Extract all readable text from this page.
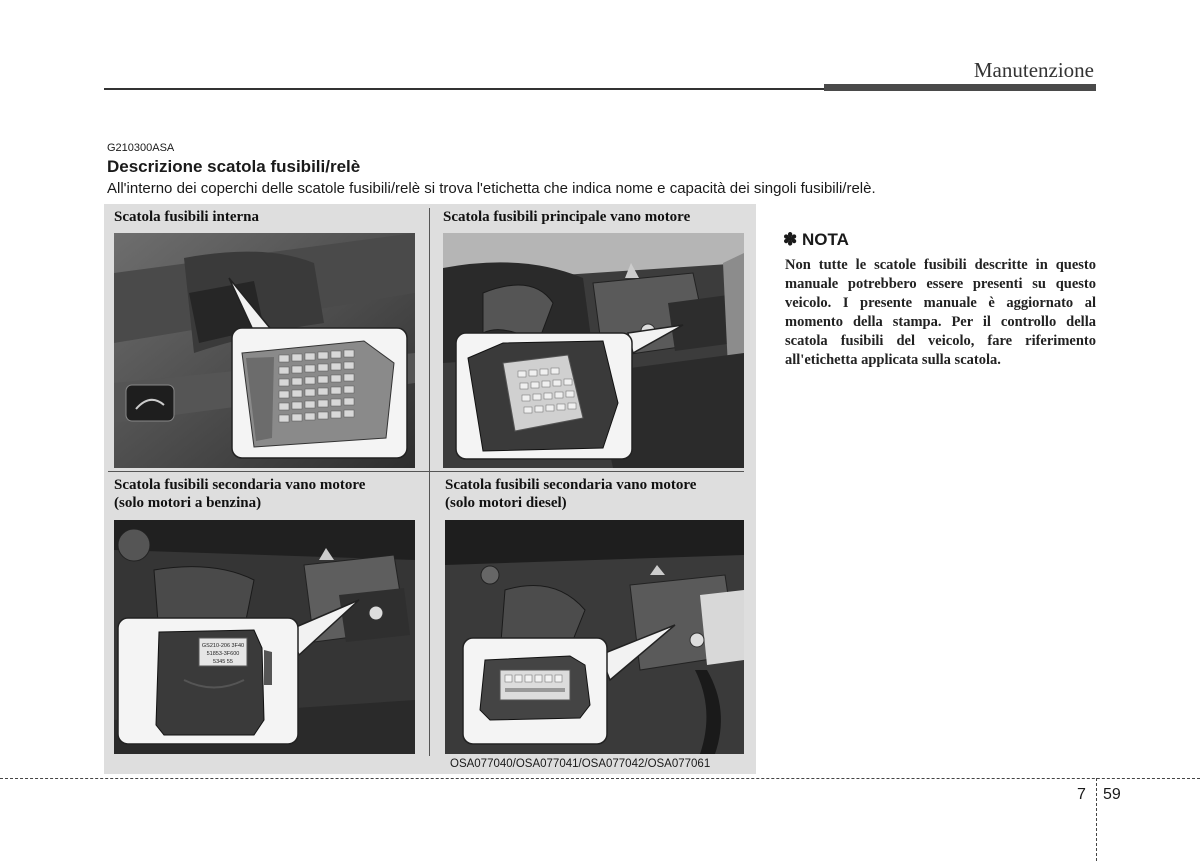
Manutenzione
G210300ASA
Descrizione scatola fusibili/relè
All'interno dei coperchi delle scatole fusibili/relè si trova l'etichetta che indica nome e capacità dei singoli fusibili/relè.
Scatola fusibili interna	Scatola fusibili principale vano motore
Scatola fusibili secondaria vano motore
(solo motori a benzina)
GS210-206 3F40
51853-3F600
5345 55
Scatola fusibili secondaria vano motore
(solo motori diesel)
OSA077040/OSA077041/OSA077042/OSA077061
✽ NOTA
Non tutte le scatole fusibili descritte in questo manuale potrebbero essere presenti su questo veicolo. I presente manuale è aggiornato al momento della stampa. Per il controllo della scatola fusibili del veicolo, fare riferimento all'etichetta applicata sulla scatola.
7 59
